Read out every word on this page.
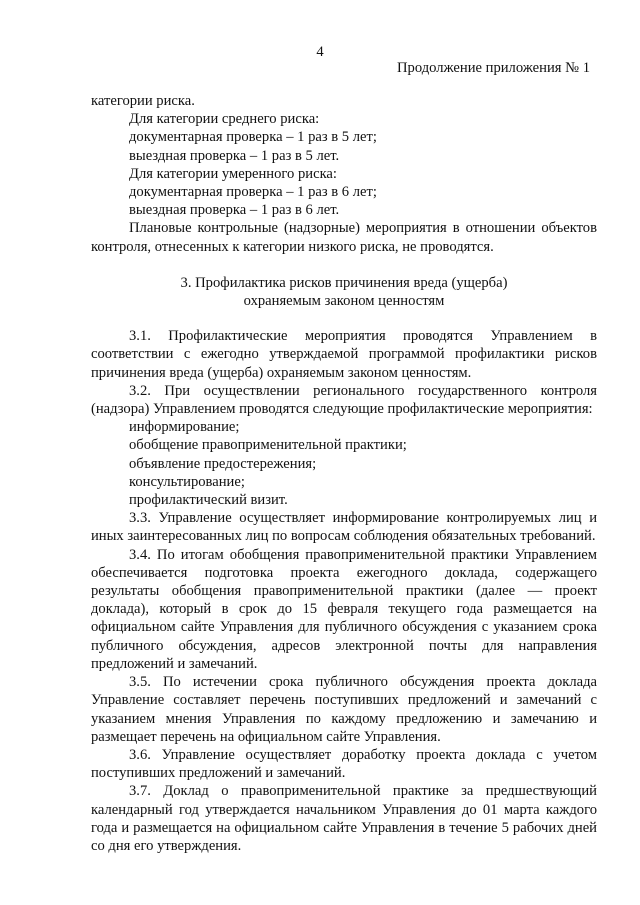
4
Продолжение приложения № 1

категории риска.

Для категории среднего риска:

документарная проверка – 1 раз в 5 лет;

выездная проверка – 1 раз в 5 лет.

Для категории умеренного риска:

документарная проверка – 1 раз в 6 лет;

выездная проверка – 1 раз в 6 лет.

Плановые контрольные (надзорные) мероприятия в отношении объектов контроля, отнесенных к категории низкого риска, не проводятся.

3. Профилактика рисков причинения вреда (ущерба)
охраняемым законом ценностям

3.1. Профилактические мероприятия проводятся Управлением в соответствии с ежегодно утверждаемой программой профилактики рисков причинения вреда (ущерба) охраняемым законом ценностям.

3.2. При осуществлении регионального государственного контроля (надзора) Управлением проводятся следующие профилактические мероприятия:

информирование;

обобщение правоприменительной практики;

объявление предостережения;

консультирование;

профилактический визит.

3.3. Управление осуществляет информирование контролируемых лиц и иных заинтересованных лиц по вопросам соблюдения обязательных требований.

3.4. По итогам обобщения правоприменительной практики Управлением обеспечивается подготовка проекта ежегодного доклада, содержащего результаты обобщения правоприменительной практики (далее — проект доклада), который в срок до 15 февраля текущего года размещается на официальном сайте Управления для публичного обсуждения с указанием срока публичного обсуждения, адресов электронной почты для направления предложений и замечаний.

3.5. По истечении срока публичного обсуждения проекта доклада Управление составляет перечень поступивших предложений и замечаний с указанием мнения Управления по каждому предложению и замечанию и размещает перечень на официальном сайте Управления.

3.6. Управление осуществляет доработку проекта доклада с учетом поступивших предложений и замечаний.

3.7. Доклад о правоприменительной практике за предшествующий календарный год утверждается начальником Управления до 01 марта каждого года и размещается на официальном сайте Управления в течение 5 рабочих дней со дня его утверждения.
